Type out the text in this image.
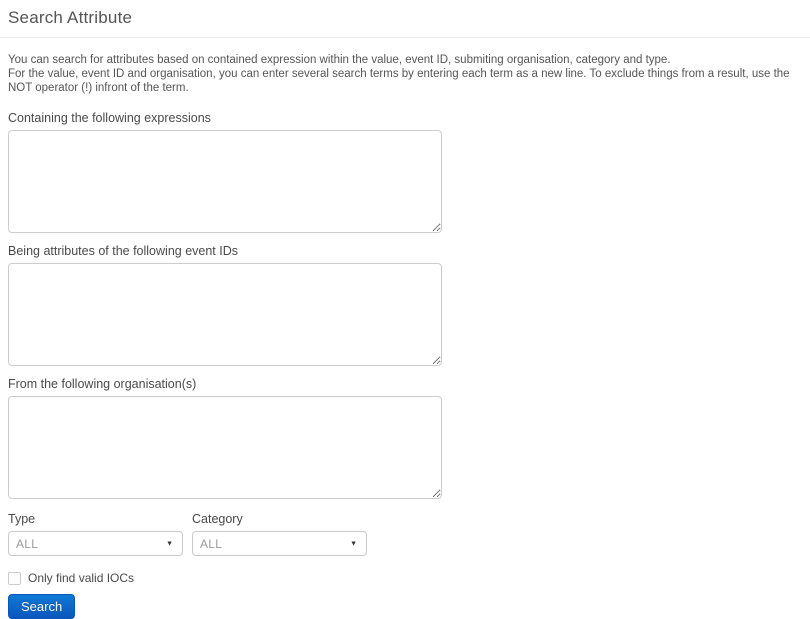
Search Attribute

You can search for attributes based on contained expression within the value, event ID, submiting organisation, category and type.
For the value, event ID and organisation, you can enter several search terms by entering each term as a new line. To exclude things from a result, use the NOT operator (!) infront of the term.

Containing the following expressions
Being attributes of the following event IDs
From the following organisation(s)
Type
ALL	▼
Category
ALL	▼
Only find valid IOCs
Search
